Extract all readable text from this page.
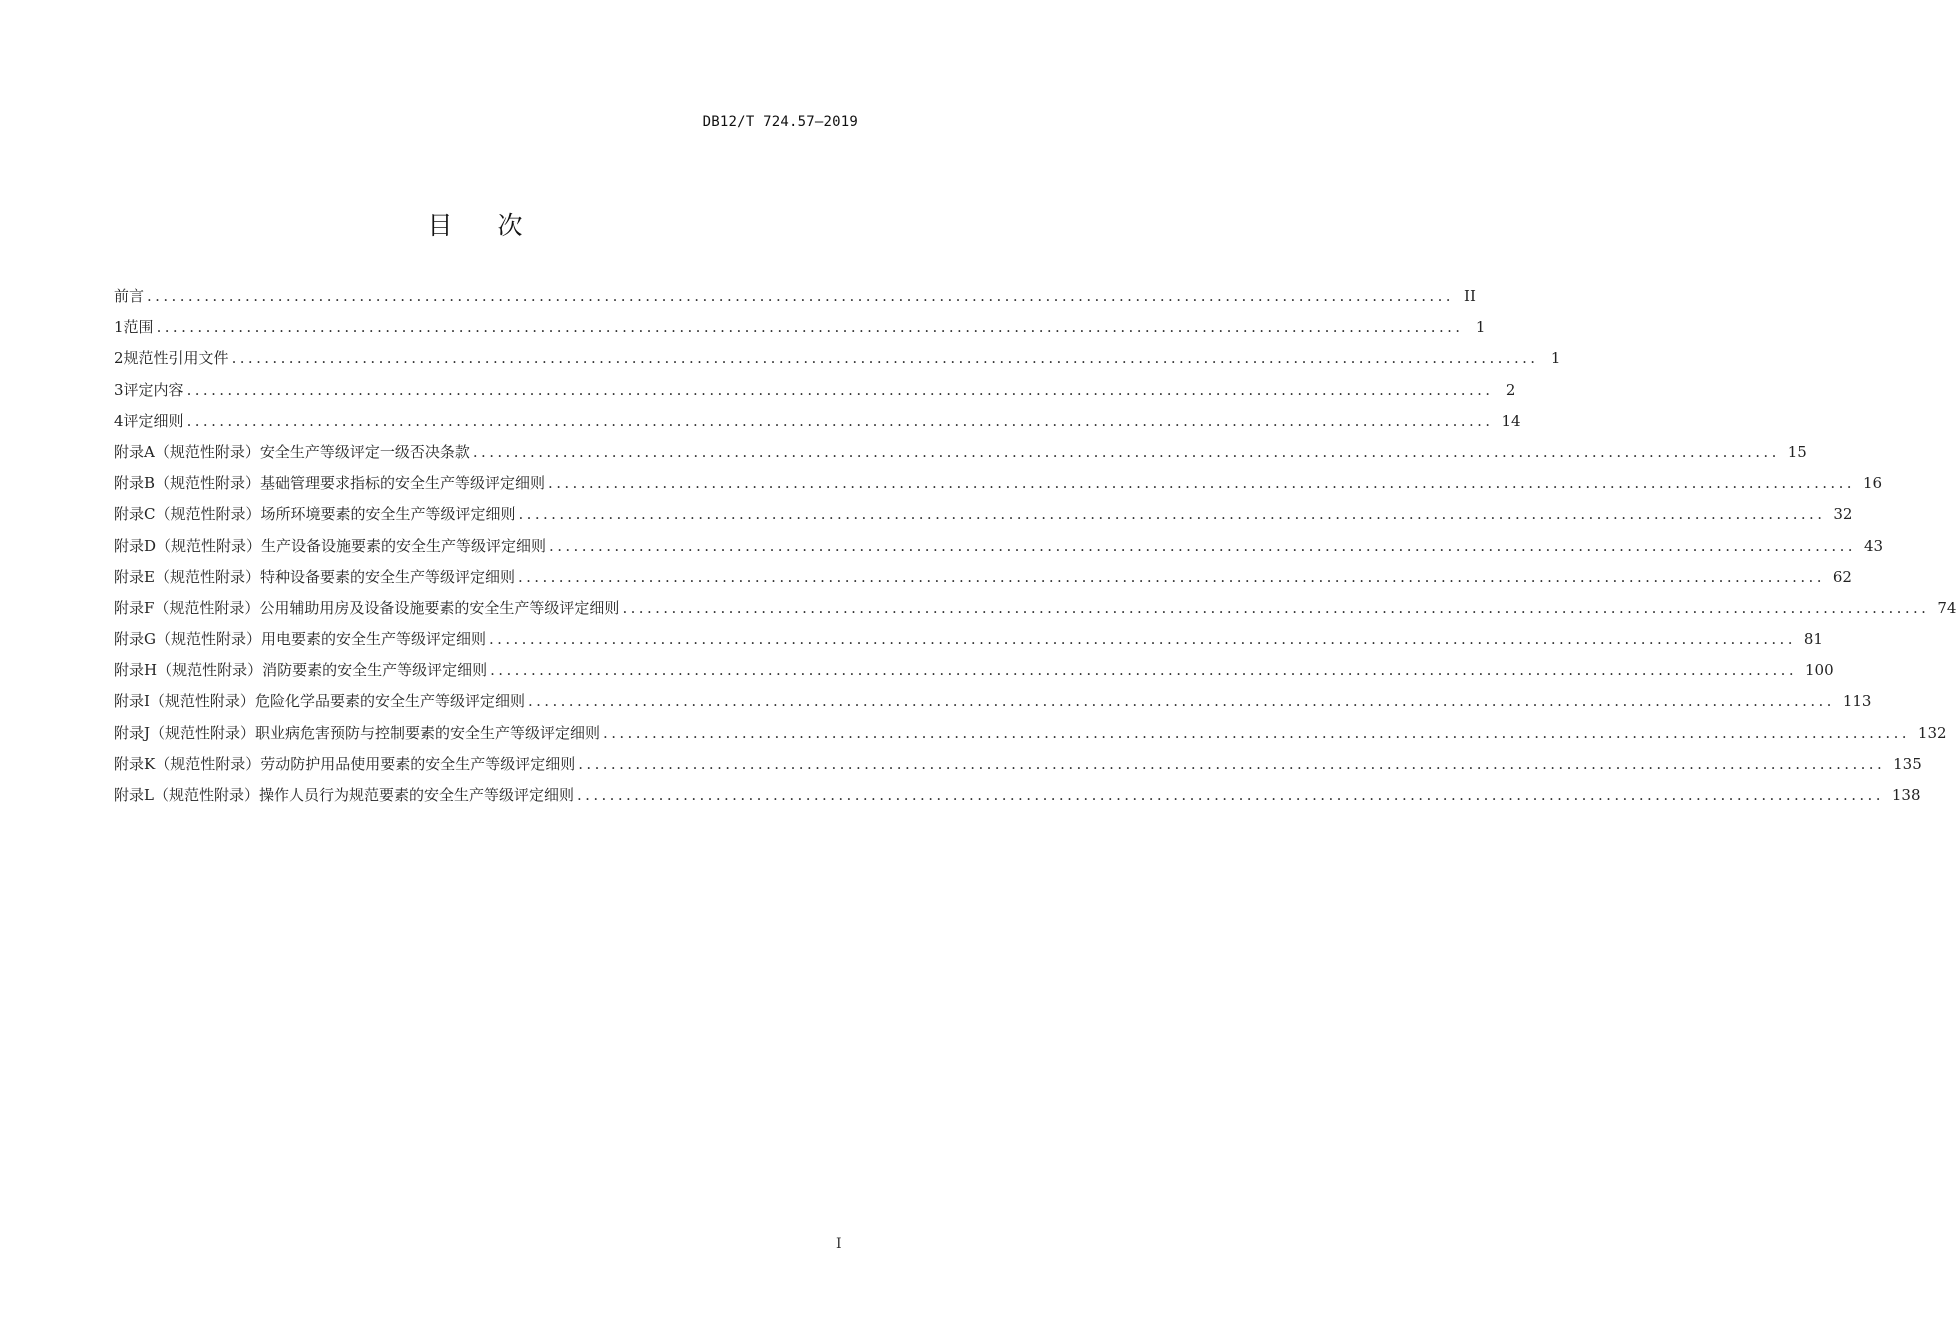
DB12/T 724.57—2019
目 次
前言 ................................................................................................................................................................ II
1 范围 ................................................................................................................................................................ 1
2 规范性引用文件 ................................................................................................................................................................ 1
3 评定内容 ................................................................................................................................................................ 2
4 评定细则 ................................................................................................................................................................ 14
附录A（规范性附录） 安全生产等级评定一级否决条款 ................................................................................................................................................................ 15
附录B（规范性附录） 基础管理要求指标的安全生产等级评定细则 ................................................................................................................................................................ 16
附录C（规范性附录） 场所环境要素的安全生产等级评定细则 ................................................................................................................................................................ 32
附录D（规范性附录） 生产设备设施要素的安全生产等级评定细则 ................................................................................................................................................................ 43
附录E（规范性附录） 特种设备要素的安全生产等级评定细则 ................................................................................................................................................................ 62
附录F（规范性附录） 公用辅助用房及设备设施要素的安全生产等级评定细则 ................................................................................................................................................................ 74
附录G（规范性附录） 用电要素的安全生产等级评定细则 ................................................................................................................................................................ 81
附录H（规范性附录） 消防要素的安全生产等级评定细则 ................................................................................................................................................................ 100
附录I（规范性附录） 危险化学品要素的安全生产等级评定细则 ................................................................................................................................................................ 113
附录J（规范性附录） 职业病危害预防与控制要素的安全生产等级评定细则 ................................................................................................................................................................ 132
附录K（规范性附录） 劳动防护用品使用要素的安全生产等级评定细则 ................................................................................................................................................................ 135
附录L（规范性附录） 操作人员行为规范要素的安全生产等级评定细则 ................................................................................................................................................................ 138
I
